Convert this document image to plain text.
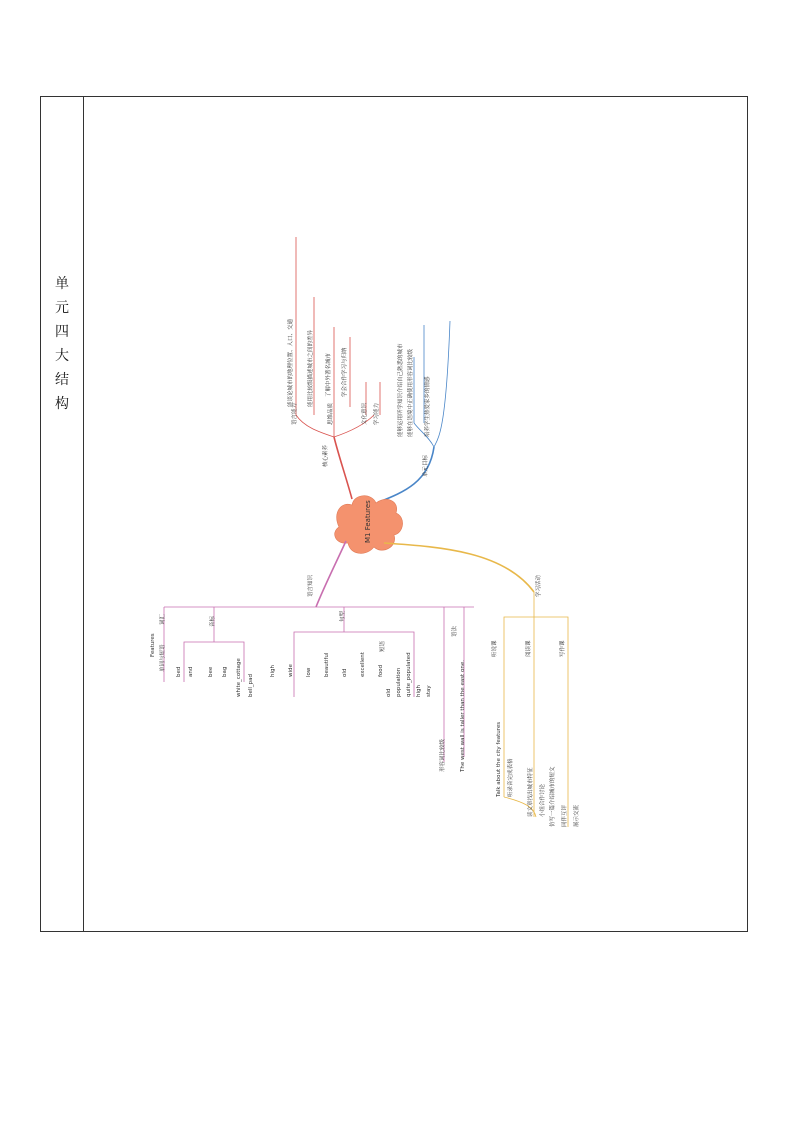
单
元
四
大
结
构
核心素养
语言能力	思维品质	文化意识	学习能力
能谈论城市的地理位置、人口、交通	能用比较级描述城市之间的差异	了解中外著名城市	学会合作学习与归纳
单元目标
能够运用所学知识介绍自己熟悉的城市 能够在语境中正确使用形容词比较级	培养学生热爱家乡的情感
M1 Features
语言知识
词汇
Features 单词与短语
音标
bed and	bee bag white_cottage bell_pad
句型
high wide low beautiful old excellent food
短语
old population quite_populated high stay
语法
形容词比较级	The west wall is taller than the east one.
学习活动
听说课
Talk about the city features	听录音完成表格
阅读课
读文章找出城市特征	小组合作讨论
写作课
仿写一篇介绍城市的短文	同伴互评	展示交流
